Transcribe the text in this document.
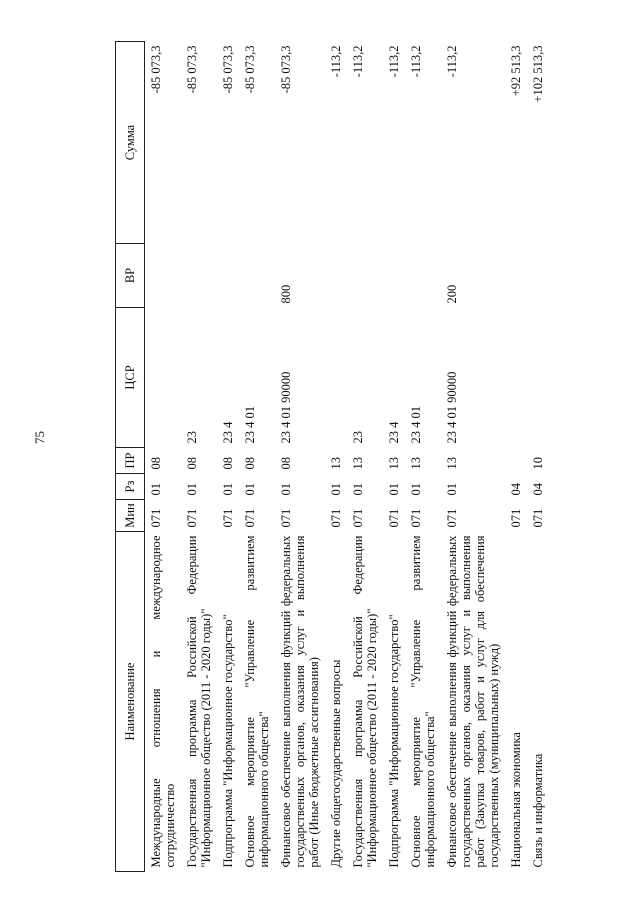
75
Наименование	Мин	Рз	ПР	ЦСР	ВР	Сумма
Международные отношения и международное сотрудничество	071	01	08			-85 073,3
Государственная программа Российской Федерации "Информационное общество (2011 - 2020 годы)"	071	01	08	23		-85 073,3
Подпрограмма "Информационное государство"	071	01	08	23 4		-85 073,3
Основное мероприятие "Управление развитием информационного общества"	071	01	08	23 4 01		-85 073,3
Финансовое обеспечение выполнения функций федеральных государственных органов, оказания услуг и выполнения работ (Иные бюджетные ассигнования)	071	01	08	23 4 01 90000	800	-85 073,3
Другие общегосударственные вопросы	071	01	13			-113,2
Государственная программа Российской Федерации "Информационное общество (2011 - 2020 годы)"	071	01	13	23		-113,2
Подпрограмма "Информационное государство"	071	01	13	23 4		-113,2
Основное мероприятие "Управление развитием информационного общества"	071	01	13	23 4 01		-113,2
Финансовое обеспечение выполнения функций федеральных государственных органов, оказания услуг и выполнения работ (Закупка товаров, работ и услуг для обеспечения государственных (муниципальных) нужд)	071	01	13	23 4 01 90000	200	-113,2
Национальная экономика	071	04				+92 513,3
Связь и информатика	071	04	10			+102 513,3
